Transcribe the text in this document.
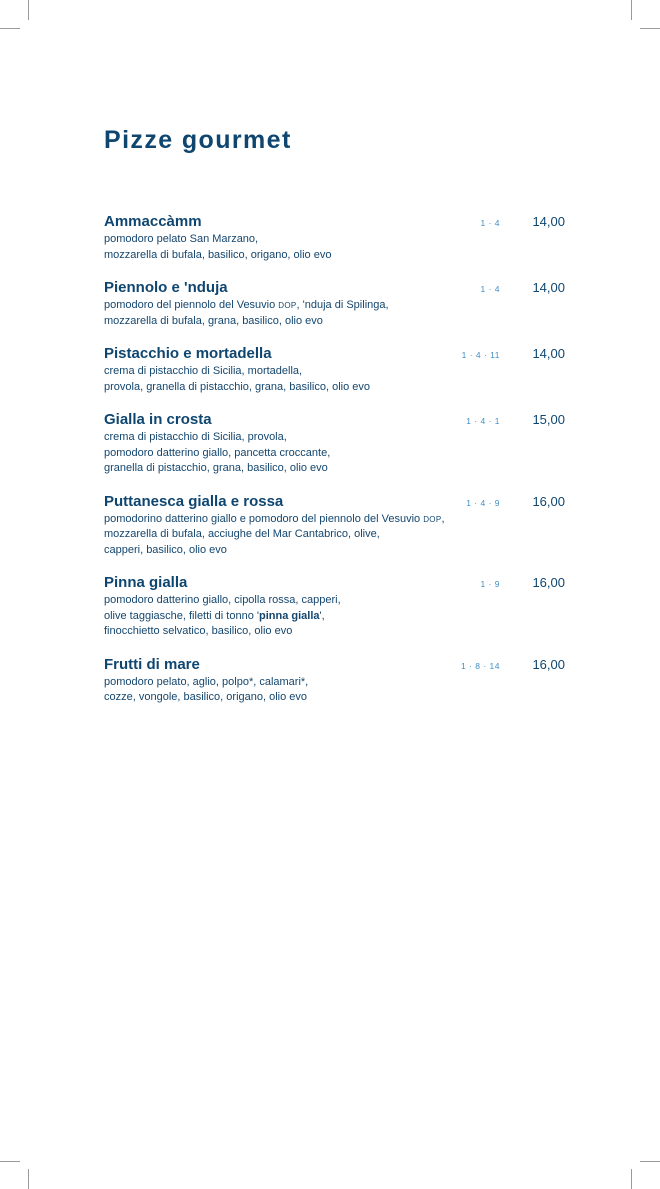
Pizze gourmet
Ammaccàmm	1 · 4 14,00
pomodoro pelato San Marzano,
mozzarella di bufala, basilico, origano, olio evo
Piennolo e 'nduja	1 · 4 14,00
pomodoro del piennolo del Vesuvio DOP, 'nduja di Spilinga,
mozzarella di bufala, grana, basilico, olio evo
Pistacchio e mortadella	1 · 4 · 11 14,00
crema di pistacchio di Sicilia, mortadella,
provola, granella di pistacchio, grana, basilico, olio evo
Gialla in crosta	1 · 4 · 1 15,00
crema di pistacchio di Sicilia, provola,
pomodoro datterino giallo, pancetta croccante,
granella di pistacchio, grana, basilico, olio evo
Puttanesca gialla e rossa	1 · 4 · 9 16,00
pomodorino datterino giallo e pomodoro del piennolo del Vesuvio DOP,
mozzarella di bufala, acciughe del Mar Cantabrico, olive,
capperi, basilico, olio evo
Pinna gialla	1 · 9 16,00
pomodoro datterino giallo, cipolla rossa, capperi,
olive taggiasche, filetti di tonno 'pinna gialla',
finocchietto selvatico, basilico, olio evo
Frutti di mare	1 · 8 · 14 16,00
pomodoro pelato, aglio, polpo*, calamari*,
cozze, vongole, basilico, origano, olio evo
